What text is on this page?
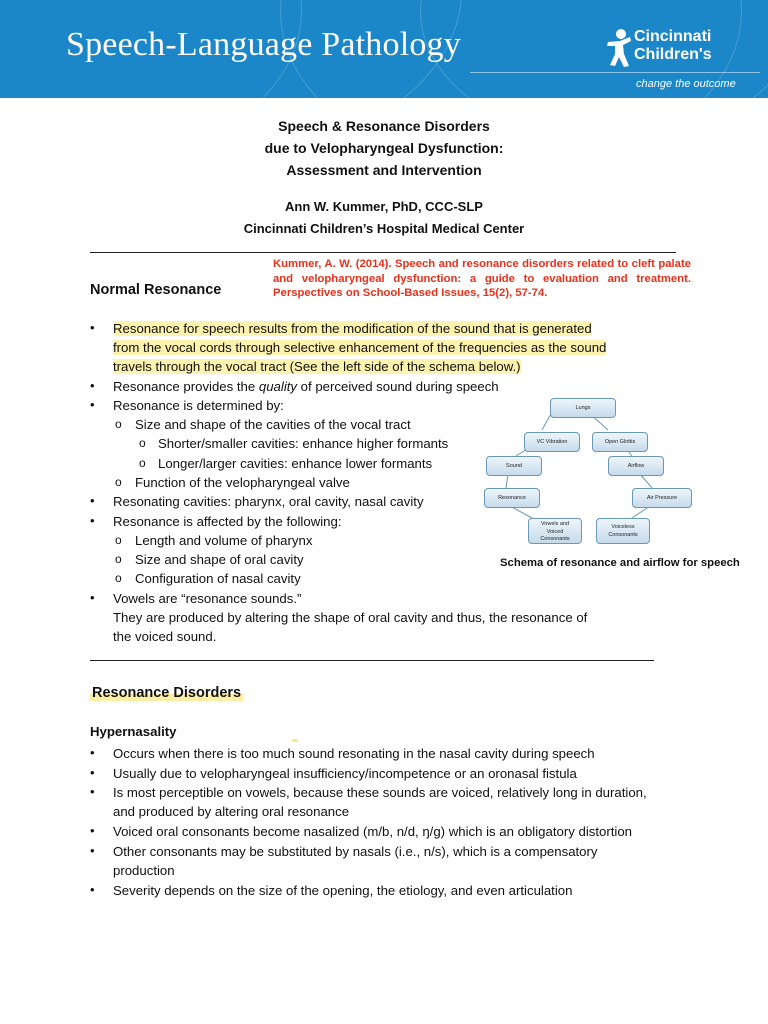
Speech-Language Pathology	Cincinnati
Children's
change the outcome
Speech & Resonance Disorders
due to Velopharyngeal Dysfunction:
Assessment and Intervention
Ann W. Kummer, PhD, CCC-SLP
Cincinnati Children’s Hospital Medical Center
Kummer, A. W. (2014). Speech and resonance disorders related to cleft palate and velopharyngeal dysfunction: a guide to evaluation and treatment. Perspectives on School-Based Issues, 15(2), 57-74.
Normal Resonance
• Resonance for speech results from the modification of the sound that is generated
from the vocal cords through selective enhancement of the frequencies as the sound
travels through the vocal tract (See the left side of the schema below.)
• Resonance provides the quality of perceived sound during speech
• Resonance is determined by:
o Size and shape of the cavities of the vocal tract
o Shorter/smaller cavities: enhance higher formants
o Longer/larger cavities: enhance lower formants
o Function of the velopharyngeal valve
• Resonating cavities: pharynx, oral cavity, nasal cavity
• Resonance is affected by the following:
o Length and volume of pharynx
o Size and shape of oral cavity
o Configuration of nasal cavity
• Vowels are “resonance sounds.”
They are produced by altering the shape of oral cavity and thus, the resonance of
the voiced sound.
Lungs
VC Vibration	Open Glottis
Sound	Airflow
Resonance	Air Pressure
Vowels and
Voiced
Consonants
Voiceless
Consonants
Schema of resonance and airflow for speech
Resonance Disorders
Hypernasality
• Occurs when there is too much sound resonating in the nasal cavity during speech
• Usually due to velopharyngeal insufficiency/incompetence or an oronasal fistula
• Is most perceptible on vowels, because these sounds are voiced, relatively long in duration,
and produced by altering oral resonance
• Voiced oral consonants become nasalized (m/b, n/d, ŋ/g) which is an obligatory distortion
• Other consonants may be substituted by nasals (i.e., n/s), which is a compensatory
production
• Severity depends on the size of the opening, the etiology, and even articulation
